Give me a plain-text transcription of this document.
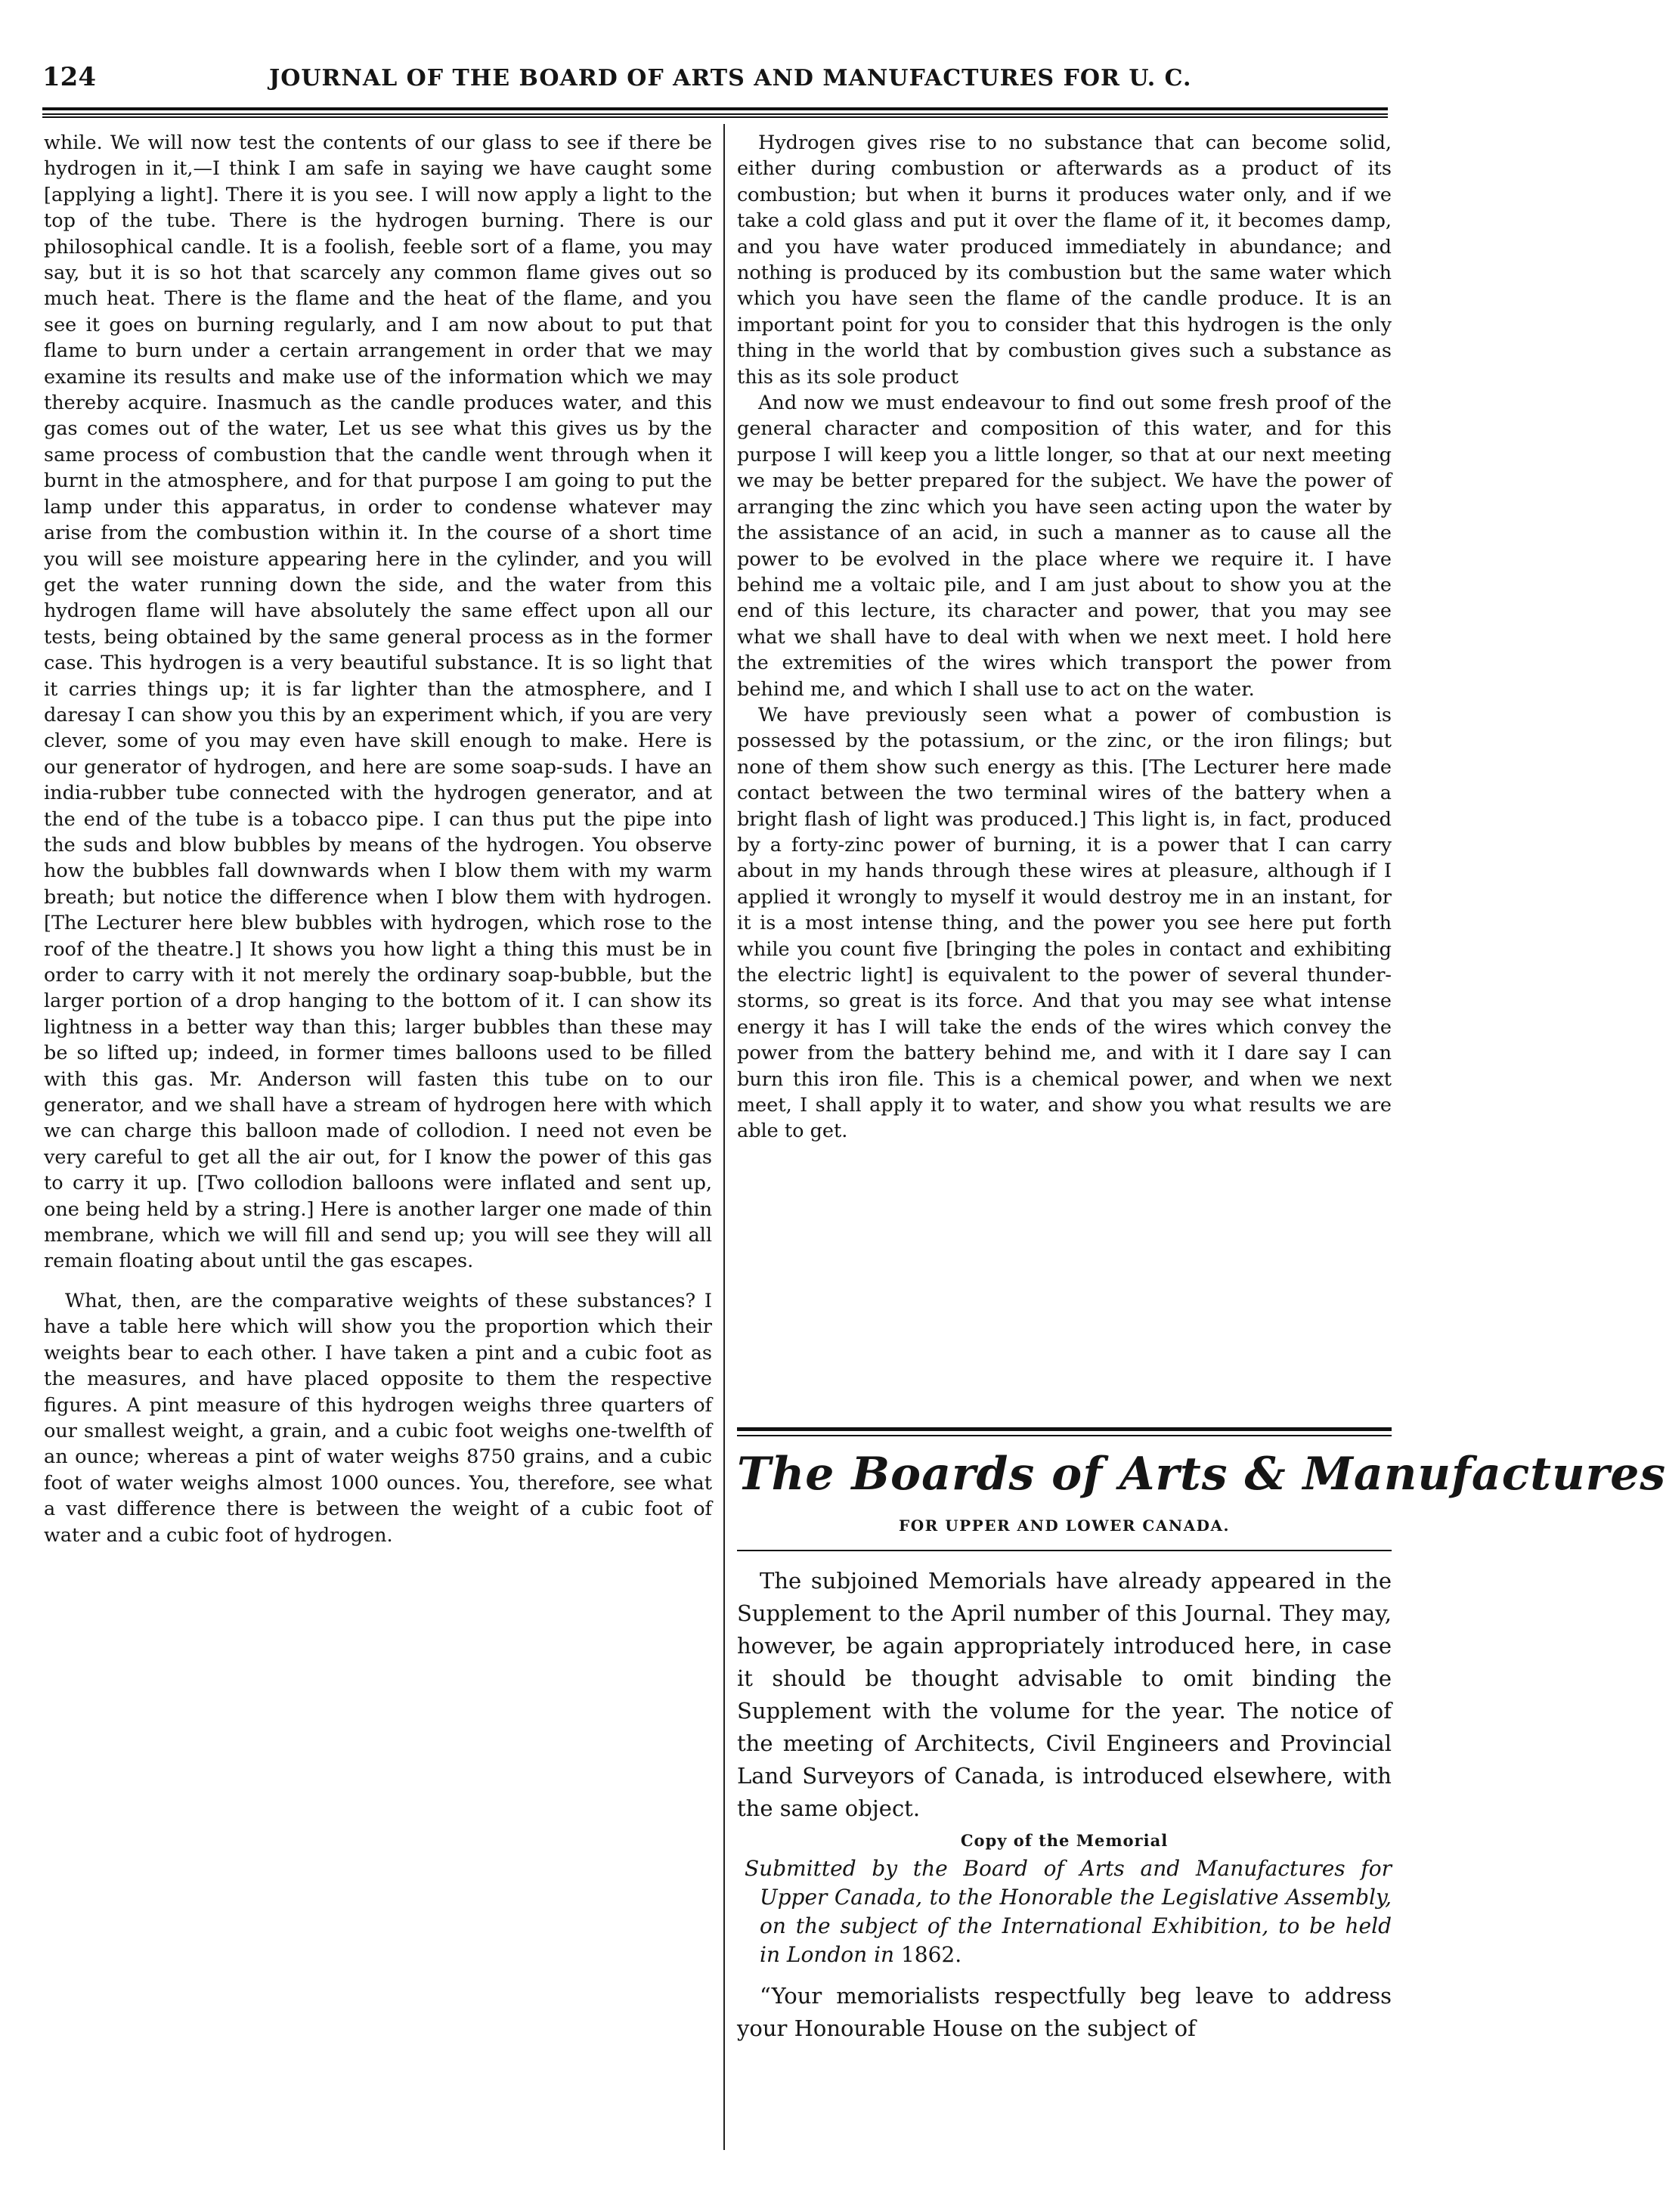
124	JOURNAL OF THE BOARD OF ARTS AND MANUFACTURES FOR U. C.

while. We will now test the contents of our glass to see if there be hydrogen in it,—I think I am safe in saying we have caught some [applying a light]. There it is you see. I will now apply a light to the top of the tube. There is the hydrogen burning. There is our philosophical candle. It is a foolish, feeble sort of a flame, you may say, but it is so hot that scarcely any common flame gives out so much heat. There is the flame and the heat of the flame, and you see it goes on burning regularly, and I am now about to put that flame to burn under a certain arrangement in order that we may examine its results and make use of the information which we may thereby acquire. Inasmuch as the candle produces water, and this gas comes out of the water, Let us see what this gives us by the same process of combustion that the candle went through when it burnt in the atmosphere, and for that purpose I am going to put the lamp under this apparatus, in order to condense whatever may arise from the combustion within it. In the course of a short time you will see moisture appearing here in the cylinder, and you will get the water running down the side, and the water from this hydrogen flame will have absolutely the same effect upon all our tests, being obtained by the same general process as in the former case. This hydrogen is a very beautiful substance. It is so light that it carries things up; it is far lighter than the atmosphere, and I daresay I can show you this by an experiment which, if you are very clever, some of you may even have skill enough to make. Here is our generator of hydrogen, and here are some soap-suds. I have an india-rubber tube connected with the hydrogen generator, and at the end of the tube is a tobacco pipe. I can thus put the pipe into the suds and blow bubbles by means of the hydrogen. You observe how the bubbles fall downwards when I blow them with my warm breath; but notice the difference when I blow them with hydrogen. [The Lecturer here blew bubbles with hydrogen, which rose to the roof of the theatre.] It shows you how light a thing this must be in order to carry with it not merely the ordinary soap-bubble, but the larger portion of a drop hanging to the bottom of it. I can show its lightness in a better way than this; larger bubbles than these may be so lifted up; indeed, in former times balloons used to be filled with this gas. Mr. Anderson will fasten this tube on to our generator, and we shall have a stream of hydrogen here with which we can charge this balloon made of collodion. I need not even be very careful to get all the air out, for I know the power of this gas to carry it up. [Two collodion balloons were inflated and sent up, one being held by a string.] Here is another larger one made of thin membrane, which we will fill and send up; you will see they will all remain floating about until the gas escapes.

What, then, are the comparative weights of these substances? I have a table here which will show you the proportion which their weights bear to each other. I have taken a pint and a cubic foot as the measures, and have placed opposite to them the respective figures. A pint measure of this hydrogen weighs three quarters of our smallest weight, a grain, and a cubic foot weighs one-twelfth of an ounce; whereas a pint of water weighs 8750 grains, and a cubic foot of water weighs almost 1000 ounces. You, therefore, see what a vast difference there is between the weight of a cubic foot of water and a cubic foot of hydrogen.

Hydrogen gives rise to no substance that can become solid, either during combustion or afterwards as a product of its combustion; but when it burns it produces water only, and if we take a cold glass and put it over the flame of it, it becomes damp, and you have water produced immediately in abundance; and nothing is produced by its combustion but the same water which which you have seen the flame of the candle produce. It is an important point for you to consider that this hydrogen is the only thing in the world that by combustion gives such a substance as this as its sole product

And now we must endeavour to find out some fresh proof of the general character and composition of this water, and for this purpose I will keep you a little longer, so that at our next meeting we may be better prepared for the subject. We have the power of arranging the zinc which you have seen acting upon the water by the assistance of an acid, in such a manner as to cause all the power to be evolved in the place where we require it. I have behind me a voltaic pile, and I am just about to show you at the end of this lecture, its character and power, that you may see what we shall have to deal with when we next meet. I hold here the extremities of the wires which transport the power from behind me, and which I shall use to act on the water.

We have previously seen what a power of combustion is possessed by the potassium, or the zinc, or the iron filings; but none of them show such energy as this. [The Lecturer here made contact between the two terminal wires of the battery when a bright flash of light was produced.] This light is, in fact, produced by a forty-zinc power of burning, it is a power that I can carry about in my hands through these wires at pleasure, although if I applied it wrongly to myself it would destroy me in an instant, for it is a most intense thing, and the power you see here put forth while you count five [bringing the poles in contact and exhibiting the electric light] is equivalent to the power of several thunder-storms, so great is its force. And that you may see what intense energy it has I will take the ends of the wires which convey the power from the battery behind me, and with it I dare say I can burn this iron file. This is a chemical power, and when we next meet, I shall apply it to water, and show you what results we are able to get.

The Boards of Arts & Manufactures
FOR UPPER AND LOWER CANADA.

The subjoined Memorials have already appeared in the Supplement to the April number of this Journal. They may, however, be again appropriately introduced here, in case it should be thought advisable to omit binding the Supplement with the volume for the year. The notice of the meeting of Architects, Civil Engineers and Provincial Land Surveyors of Canada, is introduced elsewhere, with the same object.

Copy of the Memorial

Submitted by the Board of Arts and Manufactures for Upper Canada, to the Honorable the Legislative Assembly, on the subject of the International Exhibition, to be held in London in 1862.

“Your memorialists respectfully beg leave to address your Honourable House on the subject of
